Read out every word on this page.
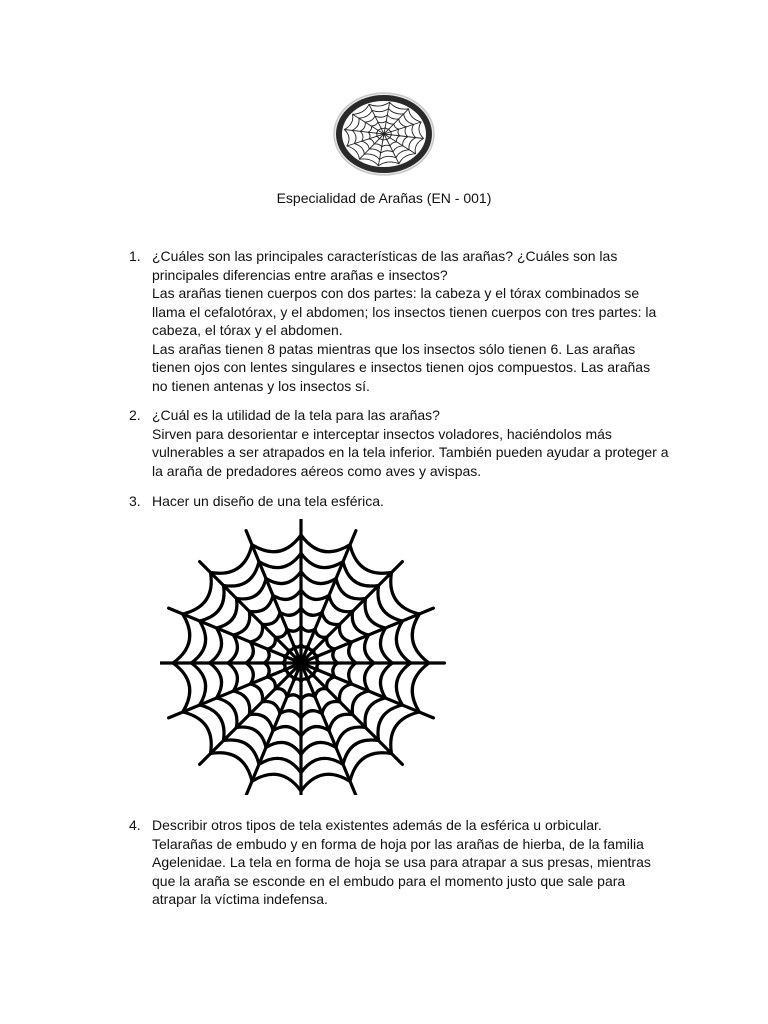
Especialidad de Arañas (EN - 001)
1. ¿Cuáles son las principales características de las arañas? ¿Cuáles son las principales diferencias entre arañas e insectos?

Las arañas tienen cuerpos con dos partes: la cabeza y el tórax combinados se llama el cefalotórax, y el abdomen; los insectos tienen cuerpos con tres partes: la cabeza, el tórax y el abdomen.

Las arañas tienen 8 patas mientras que los insectos sólo tienen 6. Las arañas tienen ojos con lentes singulares e insectos tienen ojos compuestos. Las arañas no tienen antenas y los insectos sí.

2. ¿Cuál es la utilidad de la tela para las arañas?

Sirven para desorientar e interceptar insectos voladores, haciéndolos más vulnerables a ser atrapados en la tela inferior. También pueden ayudar a proteger a la araña de predadores aéreos como aves y avispas.

3. Hacer un diseño de una tela esférica.

4. Describir otros tipos de tela existentes además de la esférica u orbicular.

Telarañas de embudo y en forma de hoja por las arañas de hierba, de la familia Agelenidae. La tela en forma de hoja se usa para atrapar a sus presas, mientras que la araña se esconde en el embudo para el momento justo que sale para atrapar la víctima indefensa.
